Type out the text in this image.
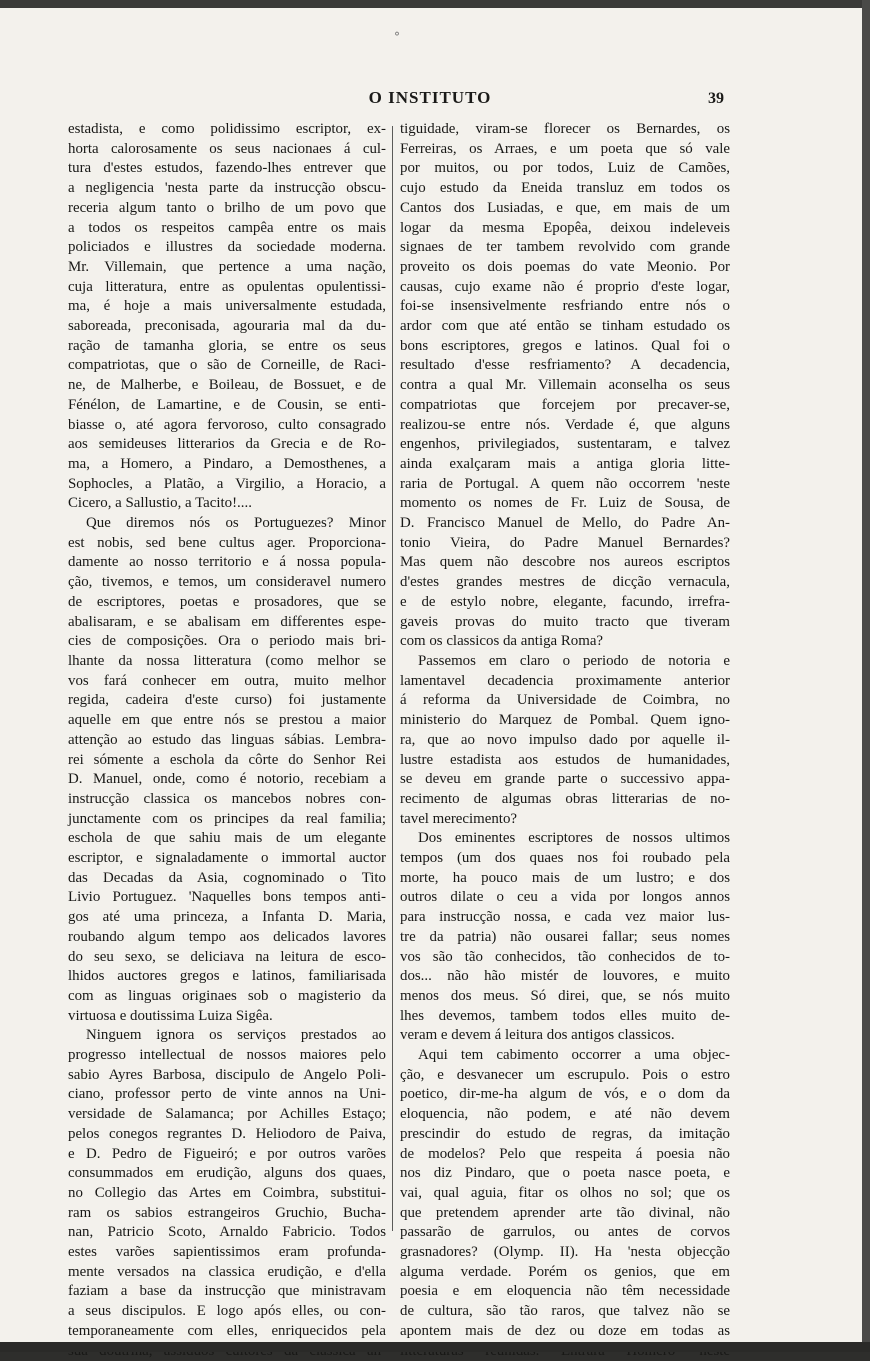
°
O INSTITUTO	39
estadista, e como polidissimo escriptor, ex-
horta calorosamente os seus nacionaes á cul-
tura d'estes estudos, fazendo-lhes entrever que
a negligencia 'nesta parte da instrucção obscu-
receria algum tanto o brilho de um povo que
a todos os respeitos campêa entre os mais
policiados e illustres da sociedade moderna.
Mr. Villemain, que pertence a uma nação,
cuja litteratura, entre as opulentas opulentissi-
ma, é hoje a mais universalmente estudada,
saboreada, preconisada, agouraria mal da du-
ração de tamanha gloria, se entre os seus
compatriotas, que o são de Corneille, de Raci-
ne, de Malherbe, e Boileau, de Bossuet, e de
Fénélon, de Lamartine, e de Cousin, se enti-
biasse o, até agora fervoroso, culto consagrado
aos semideuses litterarios da Grecia e de Ro-
ma, a Homero, a Pindaro, a Demosthenes, a
Sophocles, a Platão, a Virgilio, a Horacio, a
Cicero, a Sallustio, a Tacito!....
Que diremos nós os Portuguezes? Minor
est nobis, sed bene cultus ager. Proporciona-
damente ao nosso territorio e á nossa popula-
ção, tivemos, e temos, um consideravel numero
de escriptores, poetas e prosadores, que se
abalisaram, e se abalisam em differentes espe-
cies de composições. Ora o periodo mais bri-
lhante da nossa litteratura (como melhor se
vos fará conhecer em outra, muito melhor
regida, cadeira d'este curso) foi justamente
aquelle em que entre nós se prestou a maior
attenção ao estudo das linguas sábias. Lembra-
rei sómente a eschola da côrte do Senhor Rei
D. Manuel, onde, como é notorio, recebiam a
instrucção classica os mancebos nobres con-
junctamente com os principes da real familia;
eschola de que sahiu mais de um elegante
escriptor, e signaladamente o immortal auctor
das Decadas da Asia, cognominado o Tito
Livio Portuguez. 'Naquelles bons tempos anti-
gos até uma princeza, a Infanta D. Maria,
roubando algum tempo aos delicados lavores
do seu sexo, se deliciava na leitura de esco-
lhidos auctores gregos e latinos, familiarisada
com as linguas originaes sob o magisterio da
virtuosa e doutissima Luiza Sigêa.
Ninguem ignora os serviços prestados ao
progresso intellectual de nossos maiores pelo
sabio Ayres Barbosa, discipulo de Angelo Poli-
ciano, professor perto de vinte annos na Uni-
versidade de Salamanca; por Achilles Estaço;
pelos conegos regrantes D. Heliodoro de Paiva,
e D. Pedro de Figueiró; e por outros varões
consummados em erudição, alguns dos quaes,
no Collegio das Artes em Coimbra, substitui-
ram os sabios estrangeiros Gruchio, Bucha-
nan, Patricio Scoto, Arnaldo Fabricio. Todos
estes varões sapientissimos eram profunda-
mente versados na classica erudição, e d'ella
faziam a base da instrucção que ministravam
a seus discipulos. E logo após elles, ou con-
temporaneamente com elles, enriquecidos pela
tiguidade, viram-se florecer os Bernardes, os
Ferreiras, os Arraes, e um poeta que só vale
por muitos, ou por todos, Luiz de Camões,
cujo estudo da Eneida transluz em todos os
Cantos dos Lusiadas, e que, em mais de um
logar da mesma Epopêa, deixou indeleveis
signaes de ter tambem revolvido com grande
proveito os dois poemas do vate Meonio. Por
causas, cujo exame não é proprio d'este logar,
foi-se insensivelmente resfriando entre nós o
ardor com que até então se tinham estudado os
bons escriptores, gregos e latinos. Qual foi o
resultado d'esse resfriamento? A decadencia,
contra a qual Mr. Villemain aconselha os seus
compatriotas que forcejem por precaver-se,
realizou-se entre nós. Verdade é, que alguns
engenhos, privilegiados, sustentaram, e talvez
ainda exalçaram mais a antiga gloria litte-
raria de Portugal. A quem não occorrem 'neste
momento os nomes de Fr. Luiz de Sousa, de
D. Francisco Manuel de Mello, do Padre An-
tonio Vieira, do Padre Manuel Bernardes?
Mas quem não descobre nos aureos escriptos
d'estes grandes mestres de dicção vernacula,
e de estylo nobre, elegante, facundo, irrefra-
gaveis provas do muito tracto que tiveram
com os classicos da antiga Roma?
Passemos em claro o periodo de notoria e
lamentavel decadencia proximamente anterior
á reforma da Universidade de Coimbra, no
ministerio do Marquez de Pombal. Quem igno-
ra, que ao novo impulso dado por aquelle il-
lustre estadista aos estudos de humanidades,
se deveu em grande parte o successivo appa-
recimento de algumas obras litterarias de no-
tavel merecimento?
Dos eminentes escriptores de nossos ultimos
tempos (um dos quaes nos foi roubado pela
morte, ha pouco mais de um lustro; e dos
outros dilate o ceu a vida por longos annos
para instrucção nossa, e cada vez maior lus-
tre da patria) não ousarei fallar; seus nomes
vos são tão conhecidos, tão conhecidos de to-
dos... não hão mistér de louvores, e muito
menos dos meus. Só direi, que, se nós muito
lhes devemos, tambem todos elles muito de-
veram e devem á leitura dos antigos classicos.
Aqui tem cabimento occorrer a uma objec-
ção, e desvanecer um escrupulo. Pois o estro
poetico, dir-me-ha algum de vós, e o dom da
eloquencia, não podem, e até não devem
prescindir do estudo de regras, da imitação
de modelos? Pelo que respeita á poesia não
nos diz Pindaro, que o poeta nasce poeta, e
vai, qual aguia, fitar os olhos no sol; que os
que pretendem aprender arte tão divinal, não
passarão de garrulos, ou antes de corvos
grasnadores? (Olymp. II). Ha 'nesta objecção
alguma verdade. Porém os genios, que em
poesia e em eloquencia não têm necessidade
de cultura, são tão raros, que talvez não se
apontem mais de dez ou doze em todas as
